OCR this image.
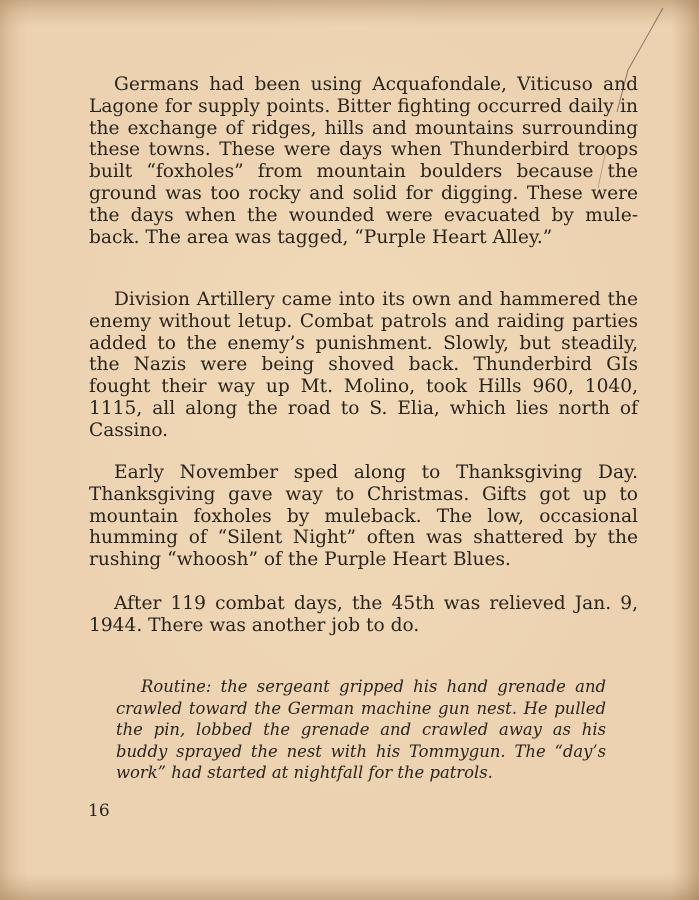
Germans had been using Acquafondale, Viticuso and Lagone for supply points. Bitter fighting occurred daily in the exchange of ridges, hills and mountains surrounding these towns. These were days when Thunderbird troops built “foxholes” from mountain boulders because the ground was too rocky and solid for digging. These were the days when the wounded were evacuated by mule-back. The area was tagged, “Purple Heart Alley.”

Division Artillery came into its own and hammered the enemy without letup. Combat patrols and raiding parties added to the enemy’s punishment. Slowly, but steadily, the Nazis were being shoved back. Thunderbird GIs fought their way up Mt. Molino, took Hills 960, 1040, 1115, all along the road to S. Elia, which lies north of Cassino.

Early November sped along to Thanksgiving Day. Thanksgiving gave way to Christmas. Gifts got up to mountain foxholes by muleback. The low, occasional humming of “Silent Night” often was shattered by the rushing “whoosh” of the Purple Heart Blues.

After 119 combat days, the 45th was relieved Jan. 9, 1944. There was another job to do.

Routine: the sergeant gripped his hand grenade and crawled toward the German machine gun nest. He pulled the pin, lobbed the grenade and crawled away as his buddy sprayed the nest with his Tommygun. The “day’s work” had started at nightfall for the patrols.

16
